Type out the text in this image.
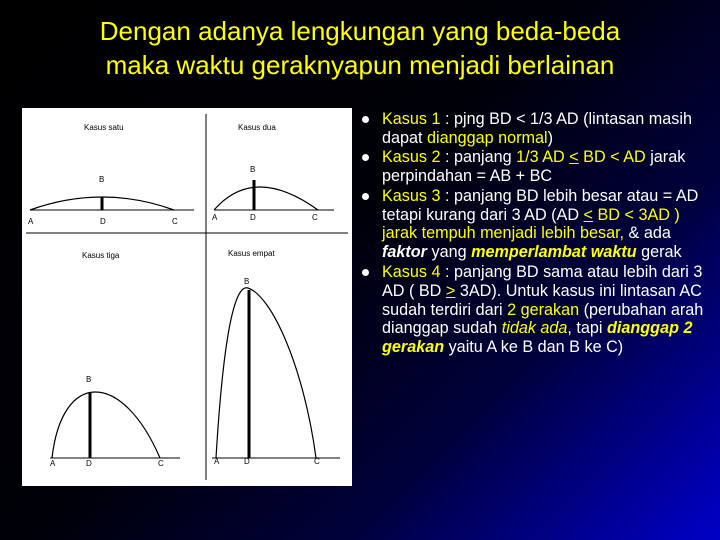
Dengan adanya lengkungan yang beda-beda
maka waktu geraknyapun menjadi berlainan
Kasus satu
B
A	D	C
Kasus dua
B
A	D	C
Kasus tiga
B
A	D	C
Kasus empat
B
A	D	C
Kasus 1 : pjng BD < 1/3 AD (lintasan masih dapat dianggap normal)
Kasus 2 : panjang 1/3 AD < BD < AD jarak perpindahan = AB + BC
Kasus 3 : panjang BD lebih besar atau = AD tetapi kurang dari 3 AD (AD < BD < 3AD ) jarak tempuh menjadi lebih besar, & ada faktor yang memperlambat waktu gerak
Kasus 4 : panjang BD sama atau lebih dari 3 AD ( BD > 3AD). Untuk kasus ini lintasan AC sudah terdiri dari 2 gerakan (perubahan arah dianggap sudah tidak ada, tapi dianggap 2 gerakan yaitu A ke B dan B ke C)
